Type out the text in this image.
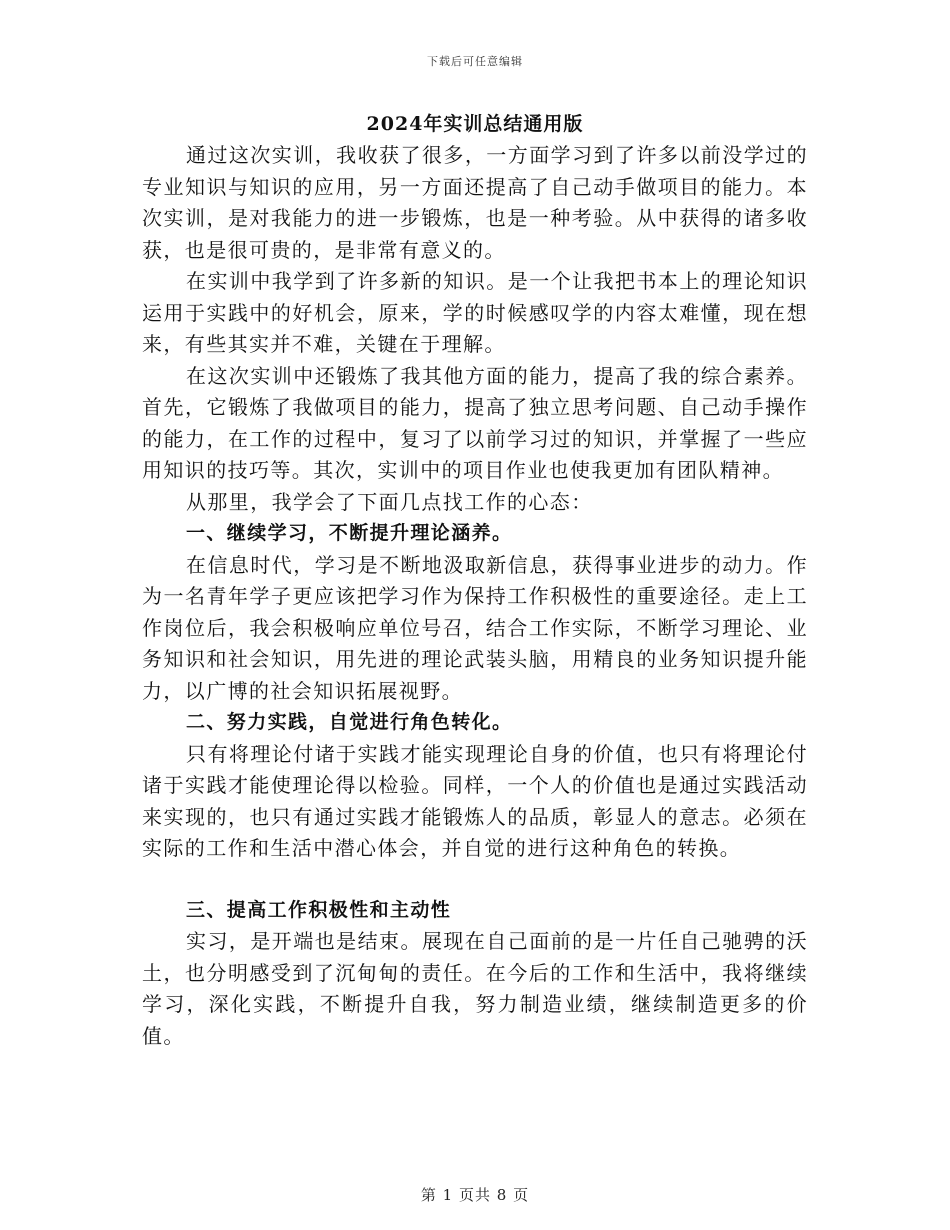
下载后可任意编辑
2024年实训总结通用版

通过这次实训，我收获了很多，一方面学习到了许多以前没学过的专业知识与知识的应用，另一方面还提高了自己动手做项目的能力。本次实训，是对我能力的进一步锻炼，也是一种考验。从中获得的诸多收获，也是很可贵的，是非常有意义的。

在实训中我学到了许多新的知识。是一个让我把书本上的理论知识运用于实践中的好机会，原来，学的时候感叹学的内容太难懂，现在想来，有些其实并不难，关键在于理解。

在这次实训中还锻炼了我其他方面的能力，提高了我的综合素养。首先，它锻炼了我做项目的能力，提高了独立思考问题、自己动手操作的能力，在工作的过程中，复习了以前学习过的知识，并掌握了一些应用知识的技巧等。其次，实训中的项目作业也使我更加有团队精神。

从那里，我学会了下面几点找工作的心态：

一、继续学习，不断提升理论涵养。

在信息时代，学习是不断地汲取新信息，获得事业进步的动力。作为一名青年学子更应该把学习作为保持工作积极性的重要途径。走上工作岗位后，我会积极响应单位号召，结合工作实际，不断学习理论、业务知识和社会知识，用先进的理论武装头脑，用精良的业务知识提升能力，以广博的社会知识拓展视野。

二、努力实践，自觉进行角色转化。

只有将理论付诸于实践才能实现理论自身的价值，也只有将理论付诸于实践才能使理论得以检验。同样，一个人的价值也是通过实践活动来实现的，也只有通过实践才能锻炼人的品质，彰显人的意志。必须在实际的工作和生活中潜心体会，并自觉的进行这种角色的转换。

三、提高工作积极性和主动性

实习，是开端也是结束。展现在自己面前的是一片任自己驰骋的沃土，也分明感受到了沉甸甸的责任。在今后的工作和生活中，我将继续学习，深化实践，不断提升自我，努力制造业绩，继续制造更多的价值。

第 1 页共 8 页
